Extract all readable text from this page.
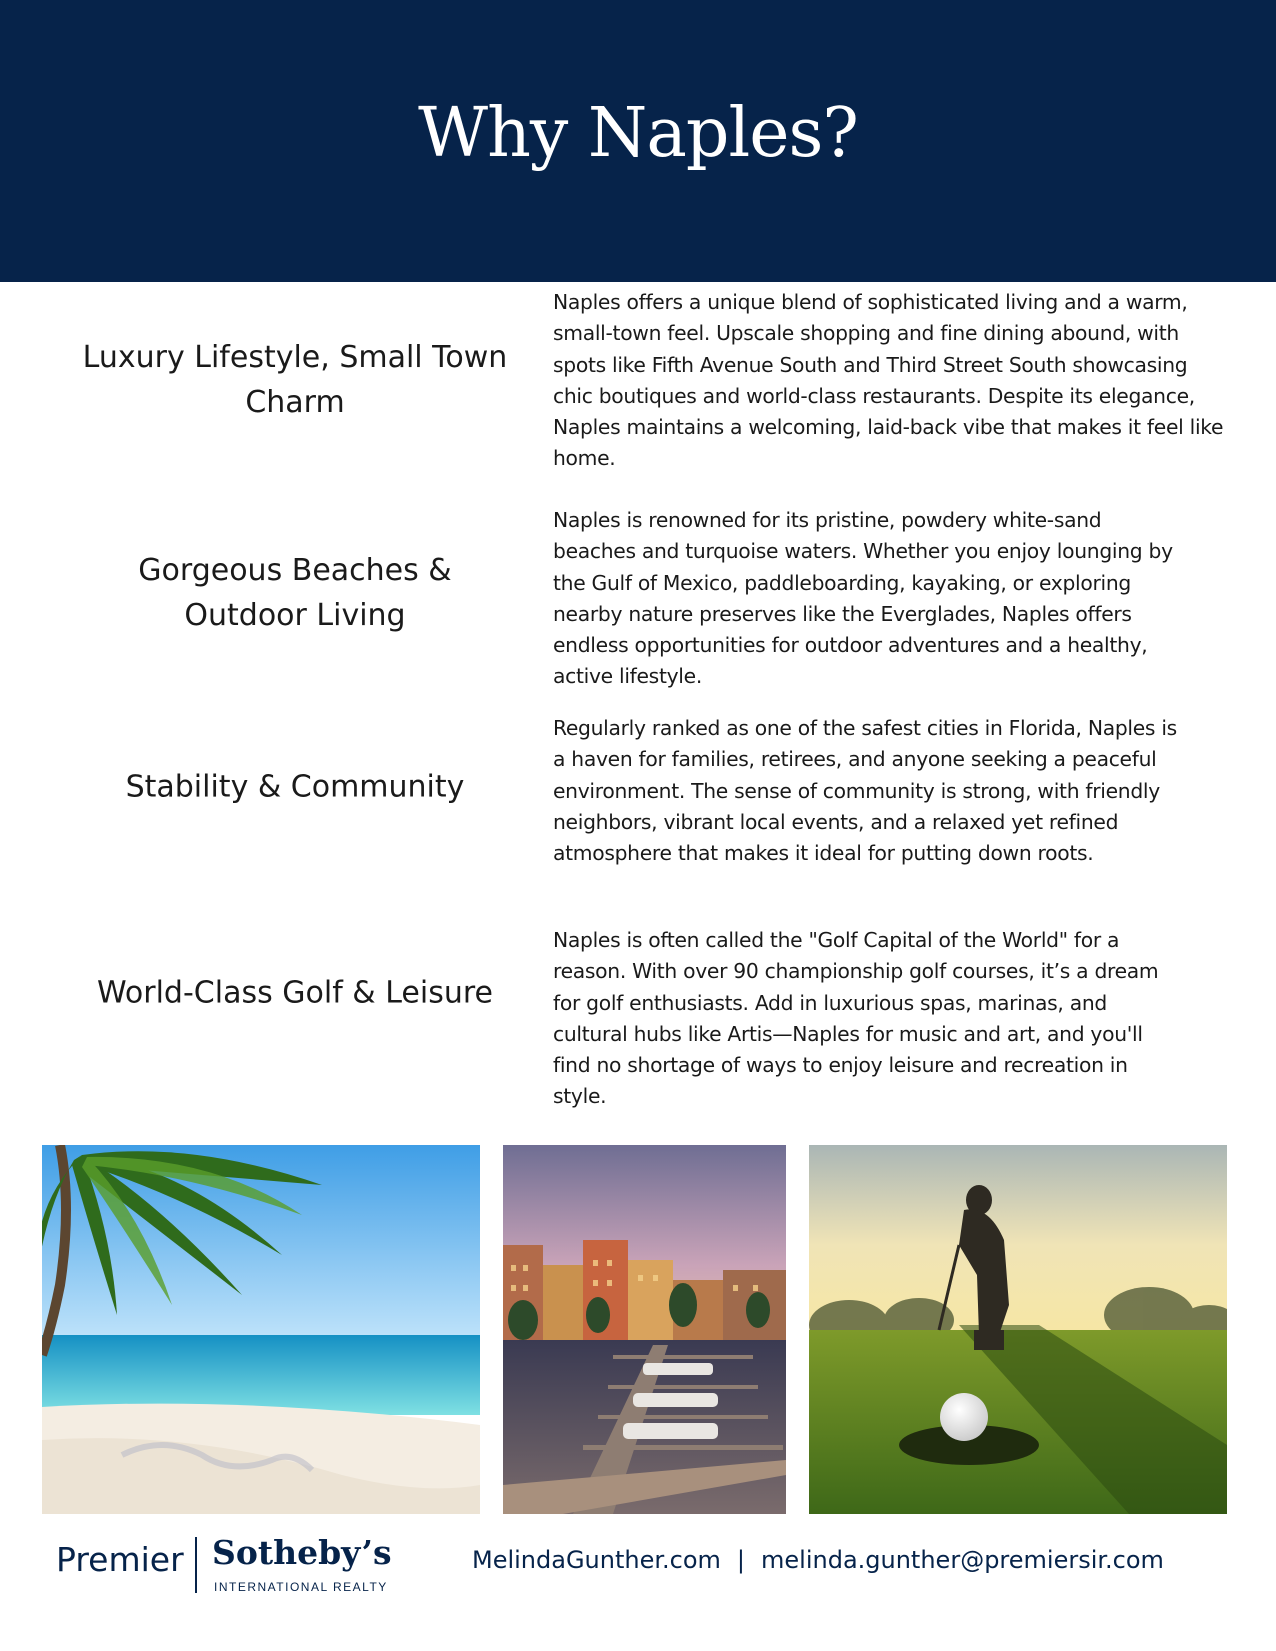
Why Naples?
Luxury Lifestyle, Small Town Charm
Naples offers a unique blend of sophisticated living and a warm, small-town feel. Upscale shopping and fine dining abound, with spots like Fifth Avenue South and Third Street South showcasing chic boutiques and world-class restaurants. Despite its elegance, Naples maintains a welcoming, laid-back vibe that makes it feel like home.
Gorgeous Beaches & Outdoor Living
Naples is renowned for its pristine, powdery white-sand beaches and turquoise waters. Whether you enjoy lounging by the Gulf of Mexico, paddleboarding, kayaking, or exploring nearby nature preserves like the Everglades, Naples offers endless opportunities for outdoor adventures and a healthy, active lifestyle.
Stability & Community
Regularly ranked as one of the safest cities in Florida, Naples is a haven for families, retirees, and anyone seeking a peaceful environment. The sense of community is strong, with friendly neighbors, vibrant local events, and a relaxed yet refined atmosphere that makes it ideal for putting down roots.
World-Class Golf & Leisure
Naples is often called the "Golf Capital of the World" for a reason. With over 90 championship golf courses, it’s a dream for golf enthusiasts. Add in luxurious spas, marinas, and cultural hubs like Artis—Naples for music and art, and you'll find no shortage of ways to enjoy leisure and recreation in style.
Premier Sotheby’s
INTERNATIONAL REALTY
MelindaGunther.com | melinda.gunther@premiersir.com
